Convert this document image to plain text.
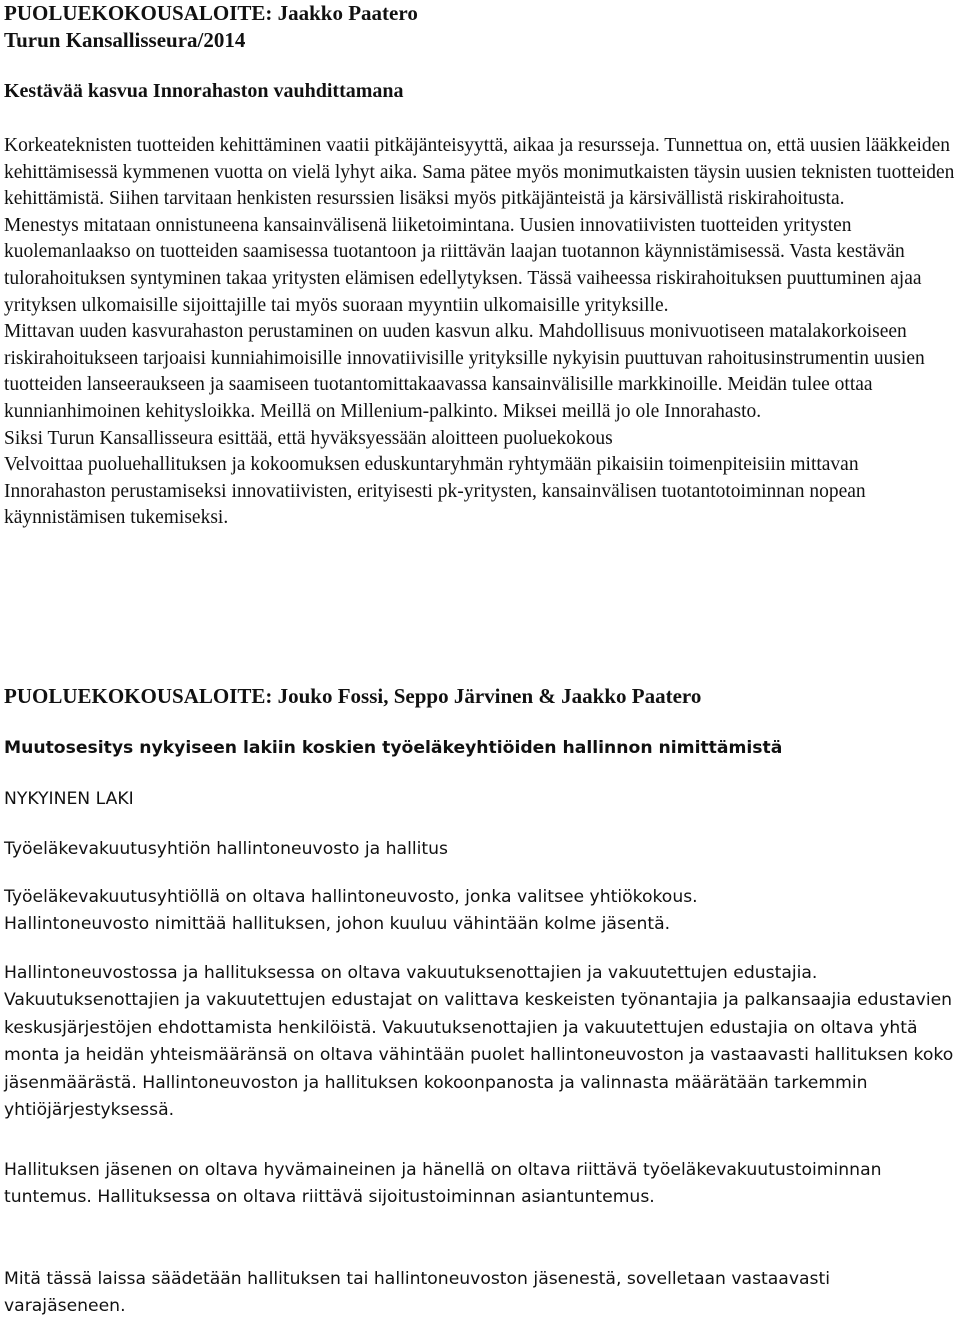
PUOLUEKOKOUSALOITE: Jaakko Paatero

Turun Kansallisseura/2014

Kestävää kasvua Innorahaston vauhdittamana

Korkeateknisten tuotteiden kehittäminen vaatii pitkäjänteisyyttä, aikaa ja resursseja. Tunnettua on, että uusien lääkkeiden kehittämisessä kymmenen vuotta on vielä lyhyt aika. Sama pätee myös monimutkaisten täysin uusien teknisten tuotteiden kehittämistä. Siihen tarvitaan henkisten resurssien lisäksi myös pitkäjänteistä ja kärsivällistä riskirahoitusta.

Menestys mitataan onnistuneena kansainvälisenä liiketoimintana. Uusien innovatiivisten tuotteiden yritysten kuolemanlaakso on tuotteiden saamisessa tuotantoon ja riittävän laajan tuotannon käynnistämisessä. Vasta kestävän tulorahoituksen syntyminen takaa yritysten elämisen edellytyksen. Tässä vaiheessa riskirahoituksen puuttuminen ajaa yrityksen ulkomaisille sijoittajille tai myös suoraan myyntiin ulkomaisille yrityksille.

Mittavan uuden kasvurahaston perustaminen on uuden kasvun alku. Mahdollisuus monivuotiseen matalakorkoiseen riskirahoitukseen tarjoaisi kunniahimoisille innovatiivisille yrityksille nykyisin puuttuvan rahoitusinstrumentin uusien tuotteiden lanseeraukseen ja saamiseen tuotantomittakaavassa kansainvälisille markkinoille. Meidän tulee ottaa kunnianhimoinen kehitysloikka. Meillä on Millenium-palkinto. Miksei meillä jo ole Innorahasto.

Siksi Turun Kansallisseura esittää, että hyväksyessään aloitteen puoluekokous

Velvoittaa puoluehallituksen ja kokoomuksen eduskuntaryhmän ryhtymään pikaisiin toimenpiteisiin mittavan Innorahaston perustamiseksi innovatiivisten, erityisesti pk-yritysten, kansainvälisen tuotantotoiminnan nopean käynnistämisen tukemiseksi.

PUOLUEKOKOUSALOITE: Jouko Fossi, Seppo Järvinen & Jaakko Paatero

Muutosesitys nykyiseen lakiin koskien työeläkeyhtiöiden hallinnon nimittämistä

NYKYINEN LAKI

Työeläkevakuutusyhtiön hallintoneuvosto ja hallitus

Työeläkevakuutusyhtiöllä on oltava hallintoneuvosto, jonka valitsee yhtiökokous.

Hallintoneuvosto nimittää hallituksen, johon kuuluu vähintään kolme jäsentä.

Hallintoneuvostossa ja hallituksessa on oltava vakuutuksenottajien ja vakuutettujen edustajia. Vakuutuksenottajien ja vakuutettujen edustajat on valittava keskeisten työnantajia ja palkansaajia edustavien keskusjärjestöjen ehdottamista henkilöistä. Vakuutuksenottajien ja vakuutettujen edustajia on oltava yhtä monta ja heidän yhteismääränsä on oltava vähintään puolet hallintoneuvoston ja vastaavasti hallituksen koko jäsenmäärästä. Hallintoneuvoston ja hallituksen kokoonpanosta ja valinnasta määrätään tarkemmin yhtiöjärjestyksessä.

Hallituksen jäsenen on oltava hyvämaineinen ja hänellä on oltava riittävä työeläkevakuutustoiminnan tuntemus. Hallituksessa on oltava riittävä sijoitustoiminnan asiantuntemus.

Mitä tässä laissa säädetään hallituksen tai hallintoneuvoston jäsenestä, sovelletaan vastaavasti varajäseneen.
